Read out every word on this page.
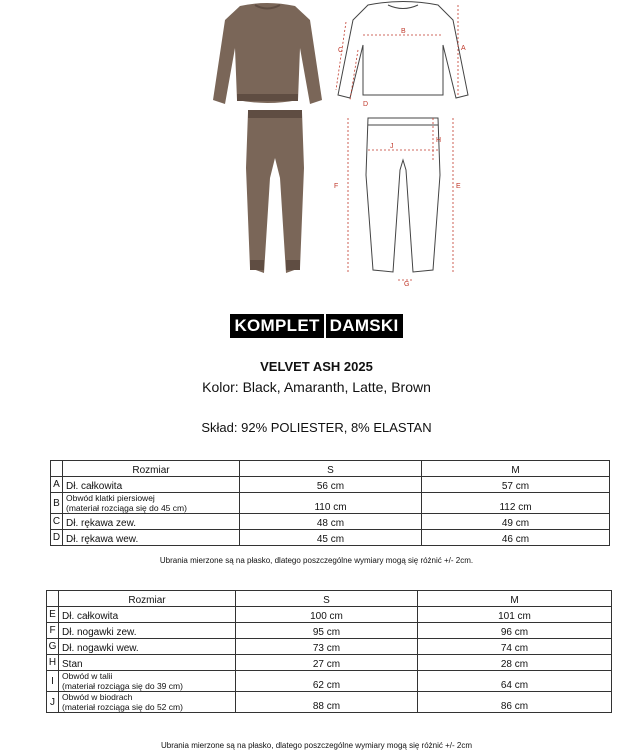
A
B
C
D
E
F
G
H
J
KOMPLET DAMSKI
VELVET ASH 2025
Kolor: Black, Amaranth, Latte, Brown
Skład: 92% POLIESTER, 8% ELASTAN
	Rozmiar	S	M
A	Dł. całkowita	56 cm	57 cm
B	Obwód klatki piersiowej
(materiał rozciąga się do 45 cm)	110 cm	112 cm
C	Dł. rękawa zew.	48 cm	49 cm
D	Dł. rękawa wew.	45 cm	46 cm
Ubrania mierzone są na płasko, dlatego poszczególne wymiary mogą się różnić +/- 2cm.
	Rozmiar	S	M
E	Dł. całkowita	100 cm	101 cm
F	Dł. nogawki zew.	95 cm	96 cm
G	Dł. nogawki wew.	73 cm	74 cm
H	Stan	27 cm	28 cm
I	Obwód w talii
(materiał rozciąga się do 39 cm)	62 cm	64 cm
J	Obwód w biodrach
(materiał rozciąga się do 52 cm)	88 cm	86 cm
Ubrania mierzone są na płasko, dlatego poszczególne wymiary mogą się różnić +/- 2cm
